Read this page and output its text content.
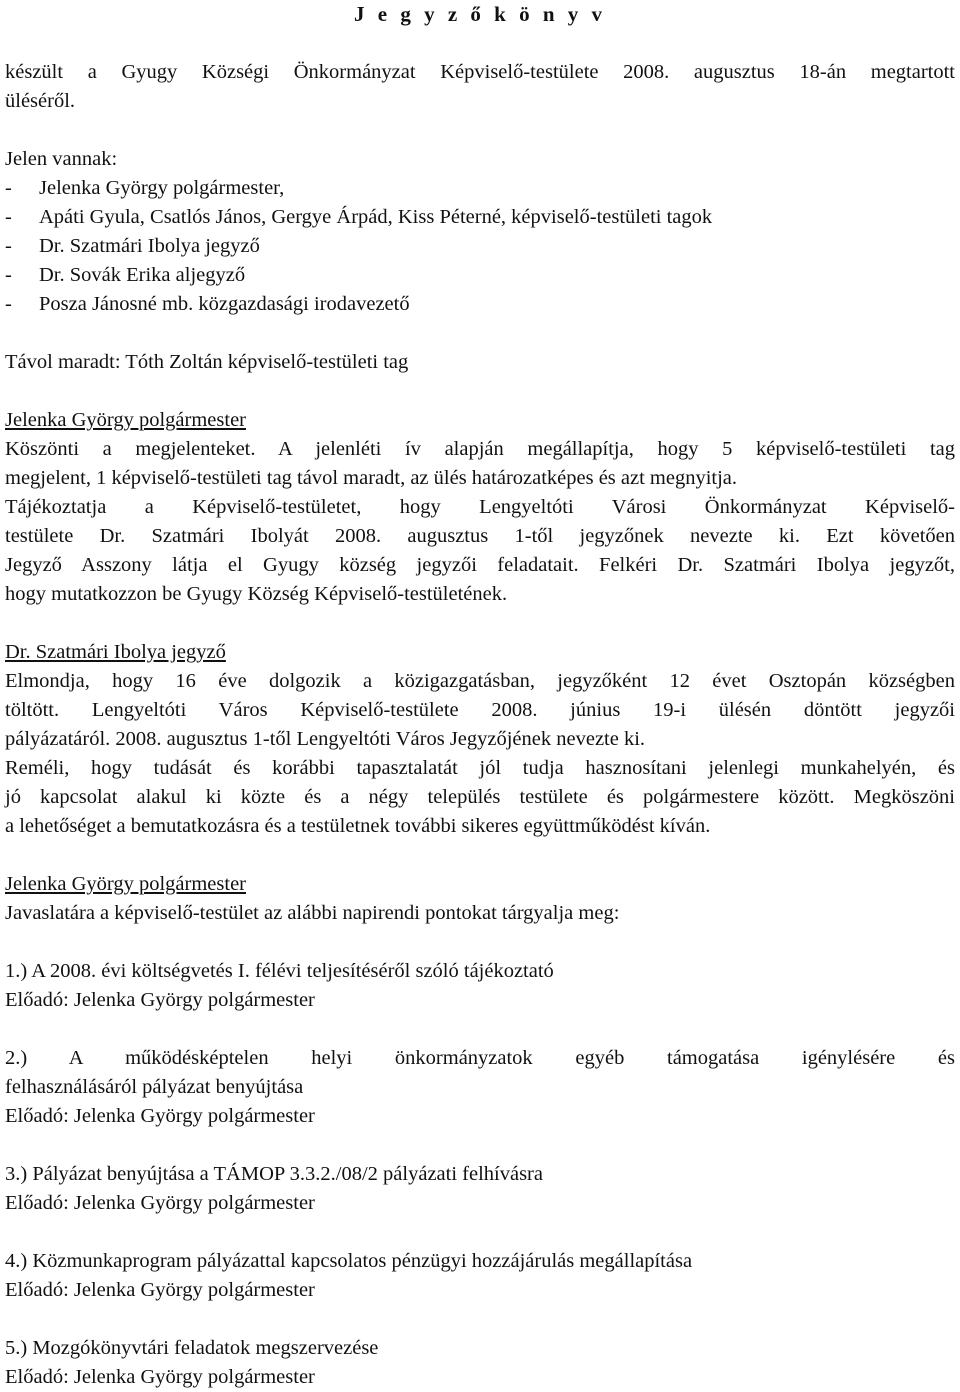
J e g y z ő k ö n y v
készült a Gyugy Községi Önkormányzat Képviselő-testülete 2008. augusztus 18-án megtartott
üléséről.
Jelen vannak:
- Jelenka György polgármester,
- Apáti Gyula, Csatlós János, Gergye Árpád, Kiss Péterné, képviselő-testületi tagok
- Dr. Szatmári Ibolya jegyző
- Dr. Sovák Erika aljegyző
- Posza Jánosné mb. közgazdasági irodavezető
Távol maradt: Tóth Zoltán képviselő-testületi tag
Jelenka György polgármester
Köszönti a megjelenteket. A jelenléti ív alapján megállapítja, hogy 5 képviselő-testületi tag
megjelent, 1 képviselő-testületi tag távol maradt, az ülés határozatképes és azt megnyitja.
Tájékoztatja a Képviselő-testületet, hogy Lengyeltóti Városi Önkormányzat Képviselő-
testülete Dr. Szatmári Ibolyát 2008. augusztus 1-től jegyzőnek nevezte ki. Ezt követően
Jegyző Asszony látja el Gyugy község jegyzői feladatait. Felkéri Dr. Szatmári Ibolya jegyzőt,
hogy mutatkozzon be Gyugy Község Képviselő-testületének.
Dr. Szatmári Ibolya jegyző
Elmondja, hogy 16 éve dolgozik a közigazgatásban, jegyzőként 12 évet Osztopán községben
töltött. Lengyeltóti Város Képviselő-testülete 2008. június 19-i ülésén döntött jegyzői
pályázatáról. 2008. augusztus 1-től Lengyeltóti Város Jegyzőjének nevezte ki.
Reméli, hogy tudását és korábbi tapasztalatát jól tudja hasznosítani jelenlegi munkahelyén, és
jó kapcsolat alakul ki közte és a négy település testülete és polgármestere között. Megköszöni
a lehetőséget a bemutatkozásra és a testületnek további sikeres együttműködést kíván.
Jelenka György polgármester
Javaslatára a képviselő-testület az alábbi napirendi pontokat tárgyalja meg:
1.) A 2008. évi költségvetés I. félévi teljesítéséről szóló tájékoztató
Előadó: Jelenka György polgármester
2.) A működésképtelen helyi önkormányzatok egyéb támogatása igénylésére és
felhasználásáról pályázat benyújtása
Előadó: Jelenka György polgármester
3.) Pályázat benyújtása a TÁMOP 3.3.2./08/2 pályázati felhívásra
Előadó: Jelenka György polgármester
4.) Közmunkaprogram pályázattal kapcsolatos pénzügyi hozzájárulás megállapítása
Előadó: Jelenka György polgármester
5.) Mozgókönyvtári feladatok megszervezése
Előadó: Jelenka György polgármester
